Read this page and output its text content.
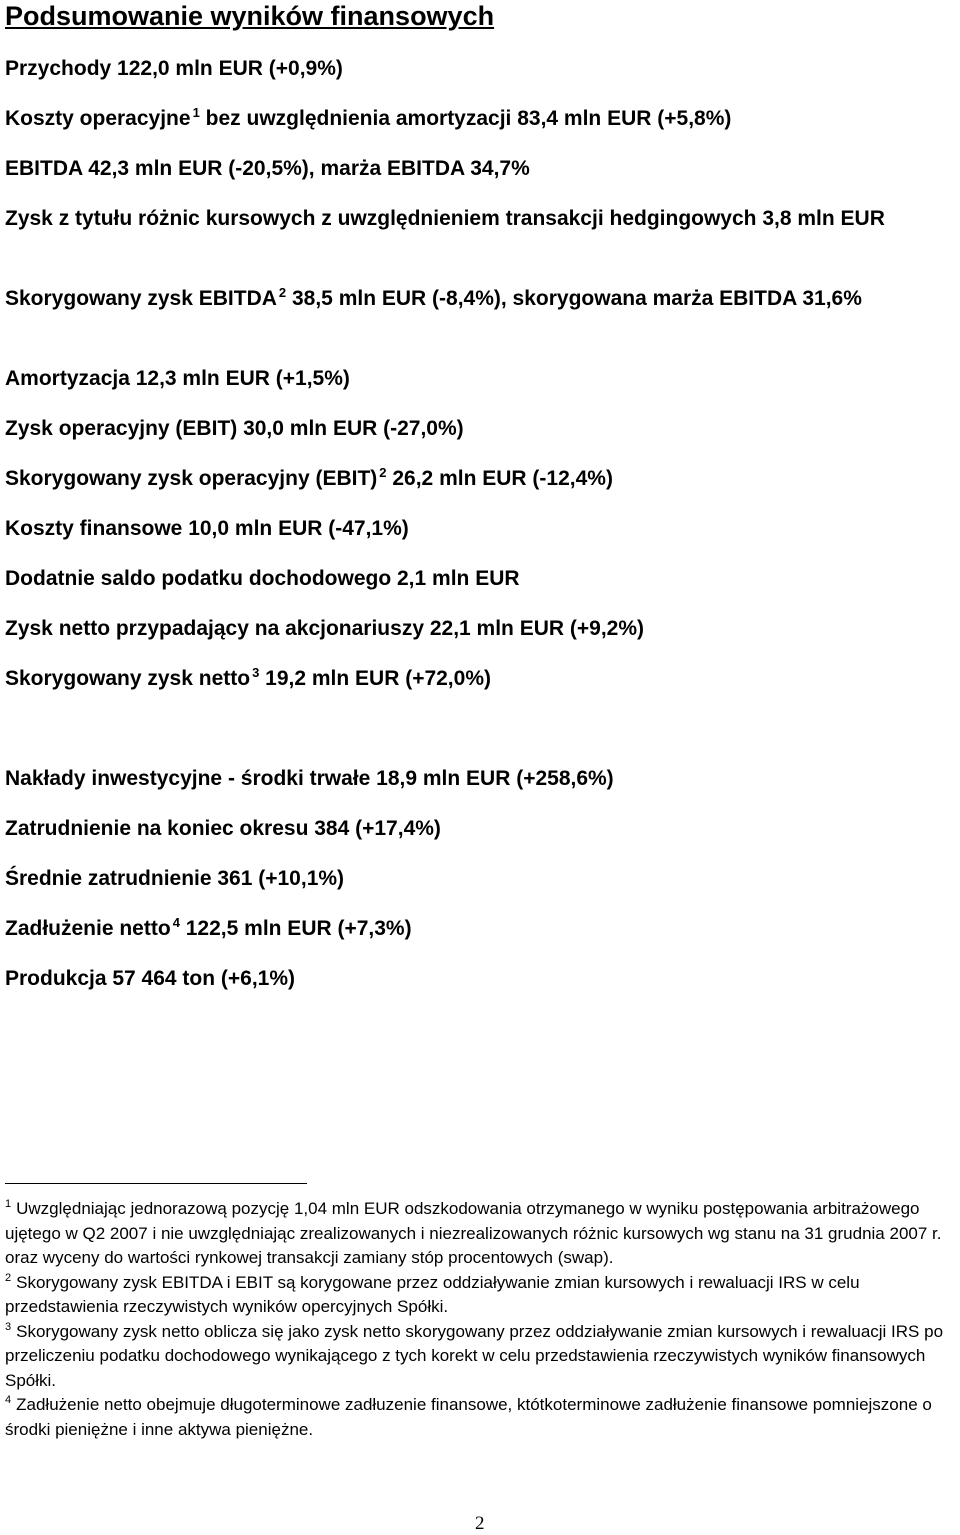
Podsumowanie wyników finansowych
Przychody 122,0 mln EUR (+0,9%)
Koszty operacyjne $^1$ bez uwzględnienia amortyzacji 83,4 mln EUR (+5,8%)
EBITDA 42,3 mln EUR (-20,5%), marża EBITDA 34,7%
Zysk z tytułu różnic kursowych z uwzględnieniem transakcji hedgingowych 3,8 mln EUR
Skorygowany zysk EBITDA $^2$ 38,5 mln EUR (-8,4%), skorygowana marża EBITDA 31,6%
Amortyzacja 12,3 mln EUR (+1,5%)
Zysk operacyjny (EBIT) 30,0 mln EUR (-27,0%)
Skorygowany zysk operacyjny (EBIT) $^2$ 26,2 mln EUR (-12,4%)
Koszty finansowe 10,0 mln EUR (-47,1%)
Dodatnie saldo podatku dochodowego 2,1 mln EUR
Zysk netto przypadający na akcjonariuszy 22,1 mln EUR (+9,2%)
Skorygowany zysk netto $^3$ 19,2 mln EUR (+72,0%)
Nakłady inwestycyjne - środki trwałe 18,9 mln EUR (+258,6%)
Zatrudnienie na koniec okresu 384 (+17,4%)
Średnie zatrudnienie 361 (+10,1%)
Zadłużenie netto $^4$ 122,5 mln EUR (+7,3%)
Produkcja 57 464 ton (+6,1%)
$^1$ Uwzględniając jednorazową pozycję 1,04 mln EUR odszkodowania otrzymanego w wyniku postępowania arbitrażowego ujętego w Q2 2007 i nie uwzględniając zrealizowanych i niezrealizowanych różnic kursowych wg stanu na 31 grudnia 2007 r. oraz wyceny do wartości rynkowej transakcji zamiany stóp procentowych (swap).
$^2$ Skorygowany zysk EBITDA i EBIT są korygowane przez oddziaływanie zmian kursowych i rewaluacji IRS w celu przedstawienia rzeczywistych wyników opercyjnych Spółki.
$^3$ Skorygowany zysk netto oblicza się jako zysk netto skorygowany przez oddziaływanie zmian kursowych i rewaluacji IRS po przeliczeniu podatku dochodowego wynikającego z tych korekt w celu przedstawienia rzeczywistych wyników finansowych Spółki.
$^4$ Zadłużenie netto obejmuje długoterminowe zadłuzenie finansowe, któtkoterminowe zadłużenie finansowe pomniejszone o środki pieniężne i inne aktywa pieniężne.
2
